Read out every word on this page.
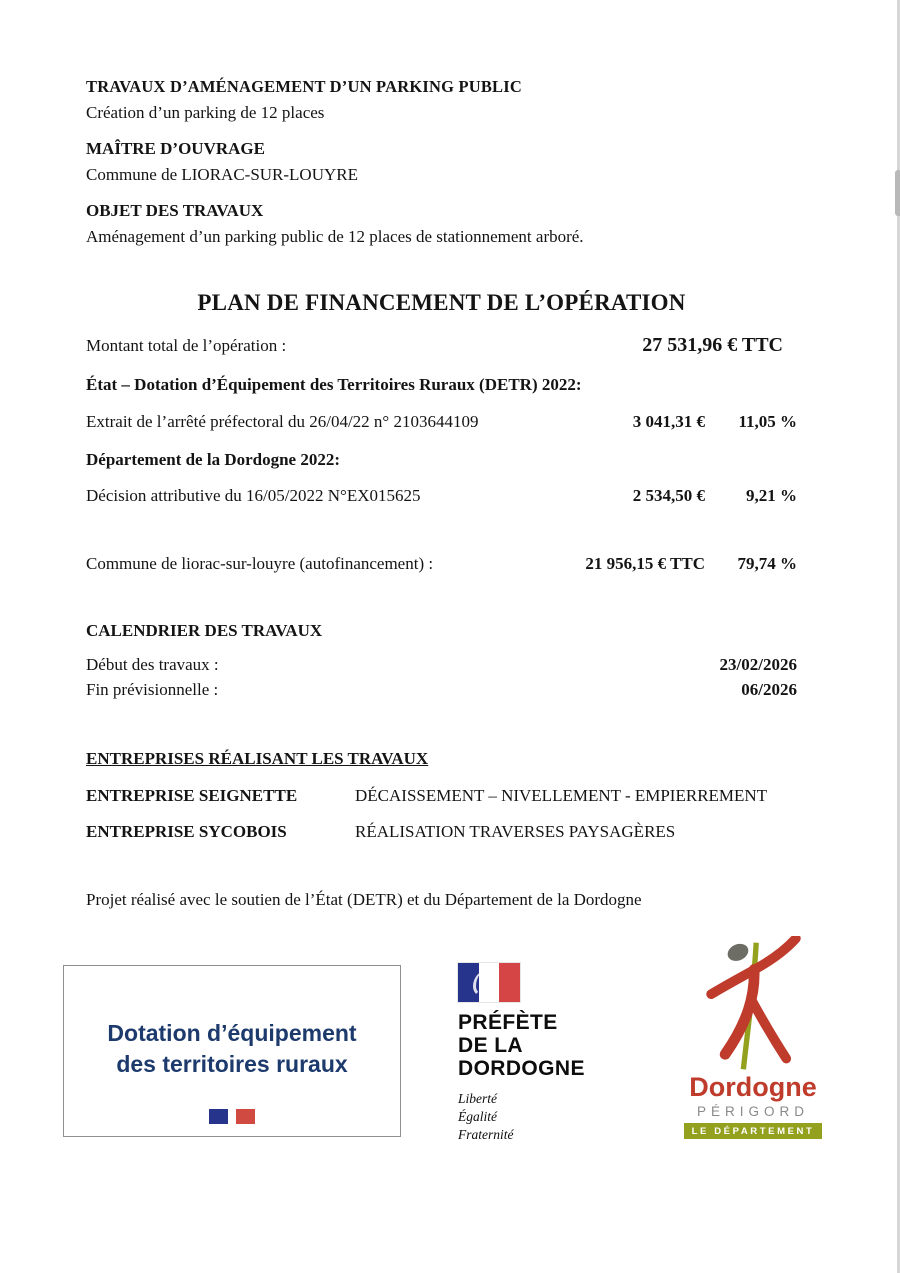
TRAVAUX D’AMÉNAGEMENT D’UN PARKING PUBLIC
Création d’un parking de 12 places
MAÎTRE D’OUVRAGE
Commune de LIORAC-SUR-LOUYRE
OBJET DES TRAVAUX
Aménagement d’un parking public de 12 places de stationnement arboré.
PLAN DE FINANCEMENT DE L’OPÉRATION
Montant total de l’opération :	27 531,96 € TTC
État – Dotation d’Équipement des Territoires Ruraux (DETR) 2022:
Extrait de l’arrêté préfectoral du 26/04/22 n° 2103644109	3 041,31 €	11,05 %
Département de la Dordogne 2022:
Décision attributive du 16/05/2022 N°EX015625	2 534,50 €	9,21 %
Commune de liorac-sur-louyre (autofinancement) :	21 956,15 € TTC	79,74 %
CALENDRIER DES TRAVAUX
Début des travaux :	23/02/2026
Fin prévisionnelle :	06/2026
ENTREPRISES RÉALISANT LES TRAVAUX
ENTREPRISE SEIGNETTE	DÉCAISSEMENT – NIVELLEMENT - EMPIERREMENT
ENTREPRISE SYCOBOIS	RÉALISATION TRAVERSES PAYSAGÈRES
Projet réalisé avec le soutien de l’État (DETR) et du Département de la Dordogne
Dotation d’équipement
des territoires ruraux
PRÉFÈTE
DE LA
DORDOGNE
Liberté
Égalité
Fraternité
Dordogne
PÉRIGORD
LE DÉPARTEMENT
